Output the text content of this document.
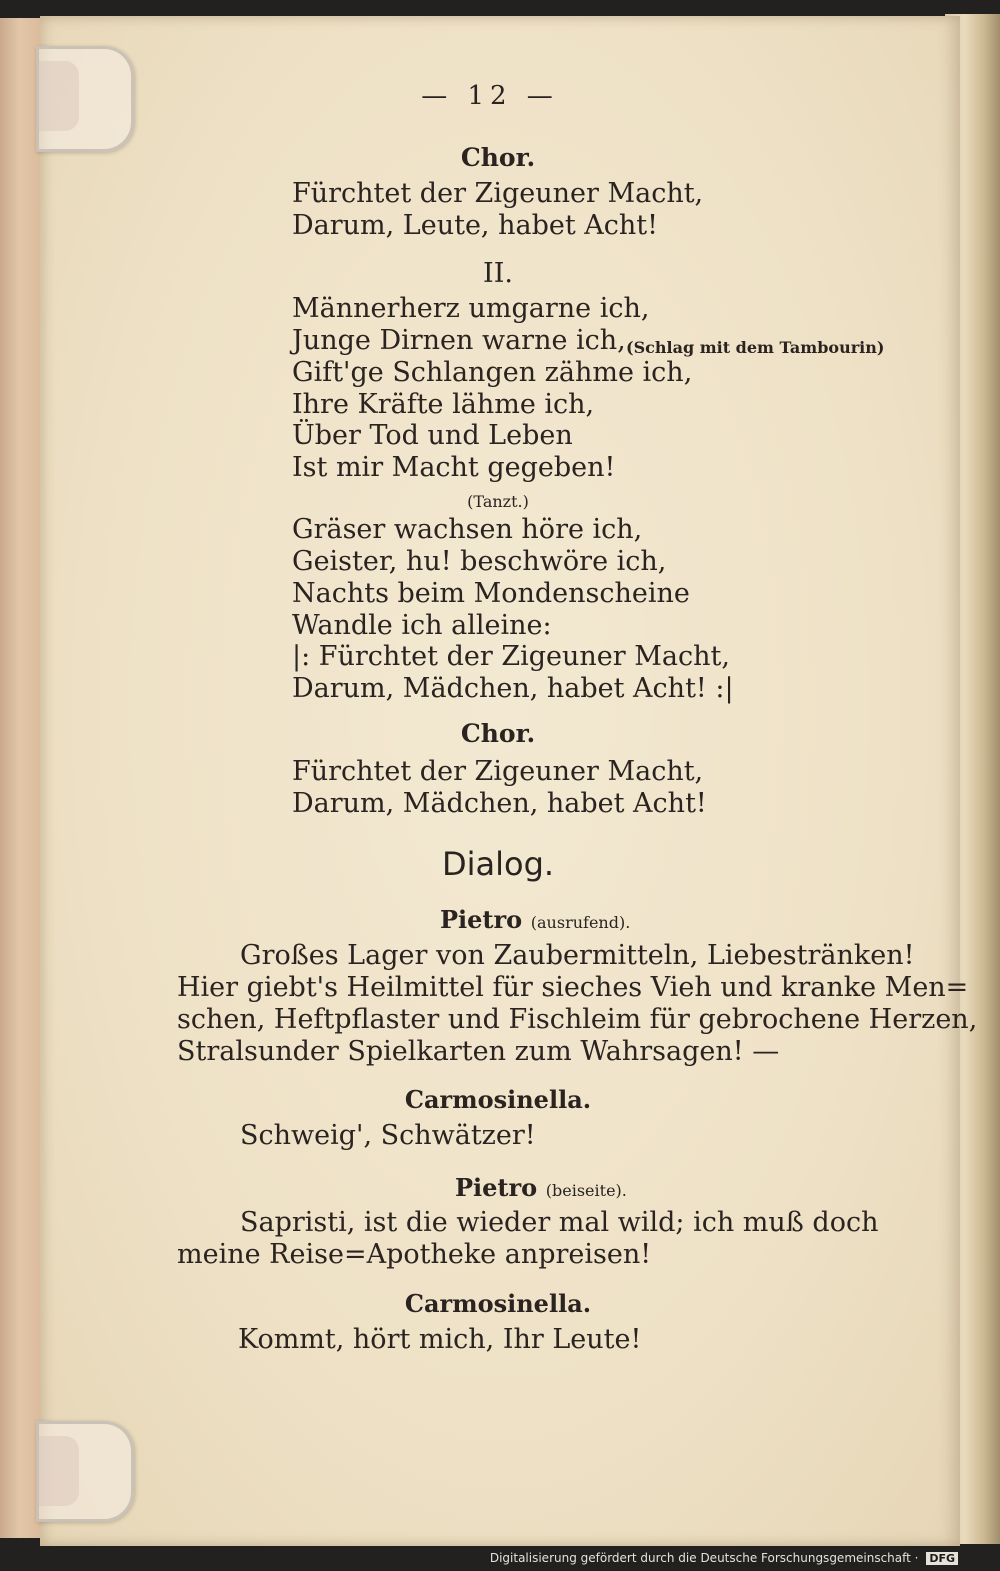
— 12 —
Chor.
Fürchtet der Zigeuner Macht,
Darum, Leute, habet Acht!
II.
Männerherz umgarne ich,
Junge Dirnen warne ich, (Schlag mit dem Tambourin)
Gift'ge Schlangen zähme ich,
Ihre Kräfte lähme ich,
Über Tod und Leben
Ist mir Macht gegeben!
(Tanzt.)
Gräser wachsen höre ich,
Geister, hu! beschwöre ich,
Nachts beim Mondenscheine
Wandle ich alleine:
|: Fürchtet der Zigeuner Macht,
Darum, Mädchen, habet Acht! :|
Chor.
Fürchtet der Zigeuner Macht,
Darum, Mädchen, habet Acht!
Dialog.
Pietro (ausrufend).
Großes Lager von Zaubermitteln, Liebestränken!
Hier giebt's Heilmittel für sieches Vieh und kranke Men=
schen, Heftpflaster und Fischleim für gebrochene Herzen,
Stralsunder Spielkarten zum Wahrsagen! —
Carmosinella.
Schweig', Schwätzer!
Pietro (beiseite).
Sapristi, ist die wieder mal wild; ich muß doch
meine Reise=Apotheke anpreisen!
Carmosinella.
Kommt, hört mich, Ihr Leute!
Digitalisierung gefördert durch die Deutsche Forschungsgemeinschaft · DFG
